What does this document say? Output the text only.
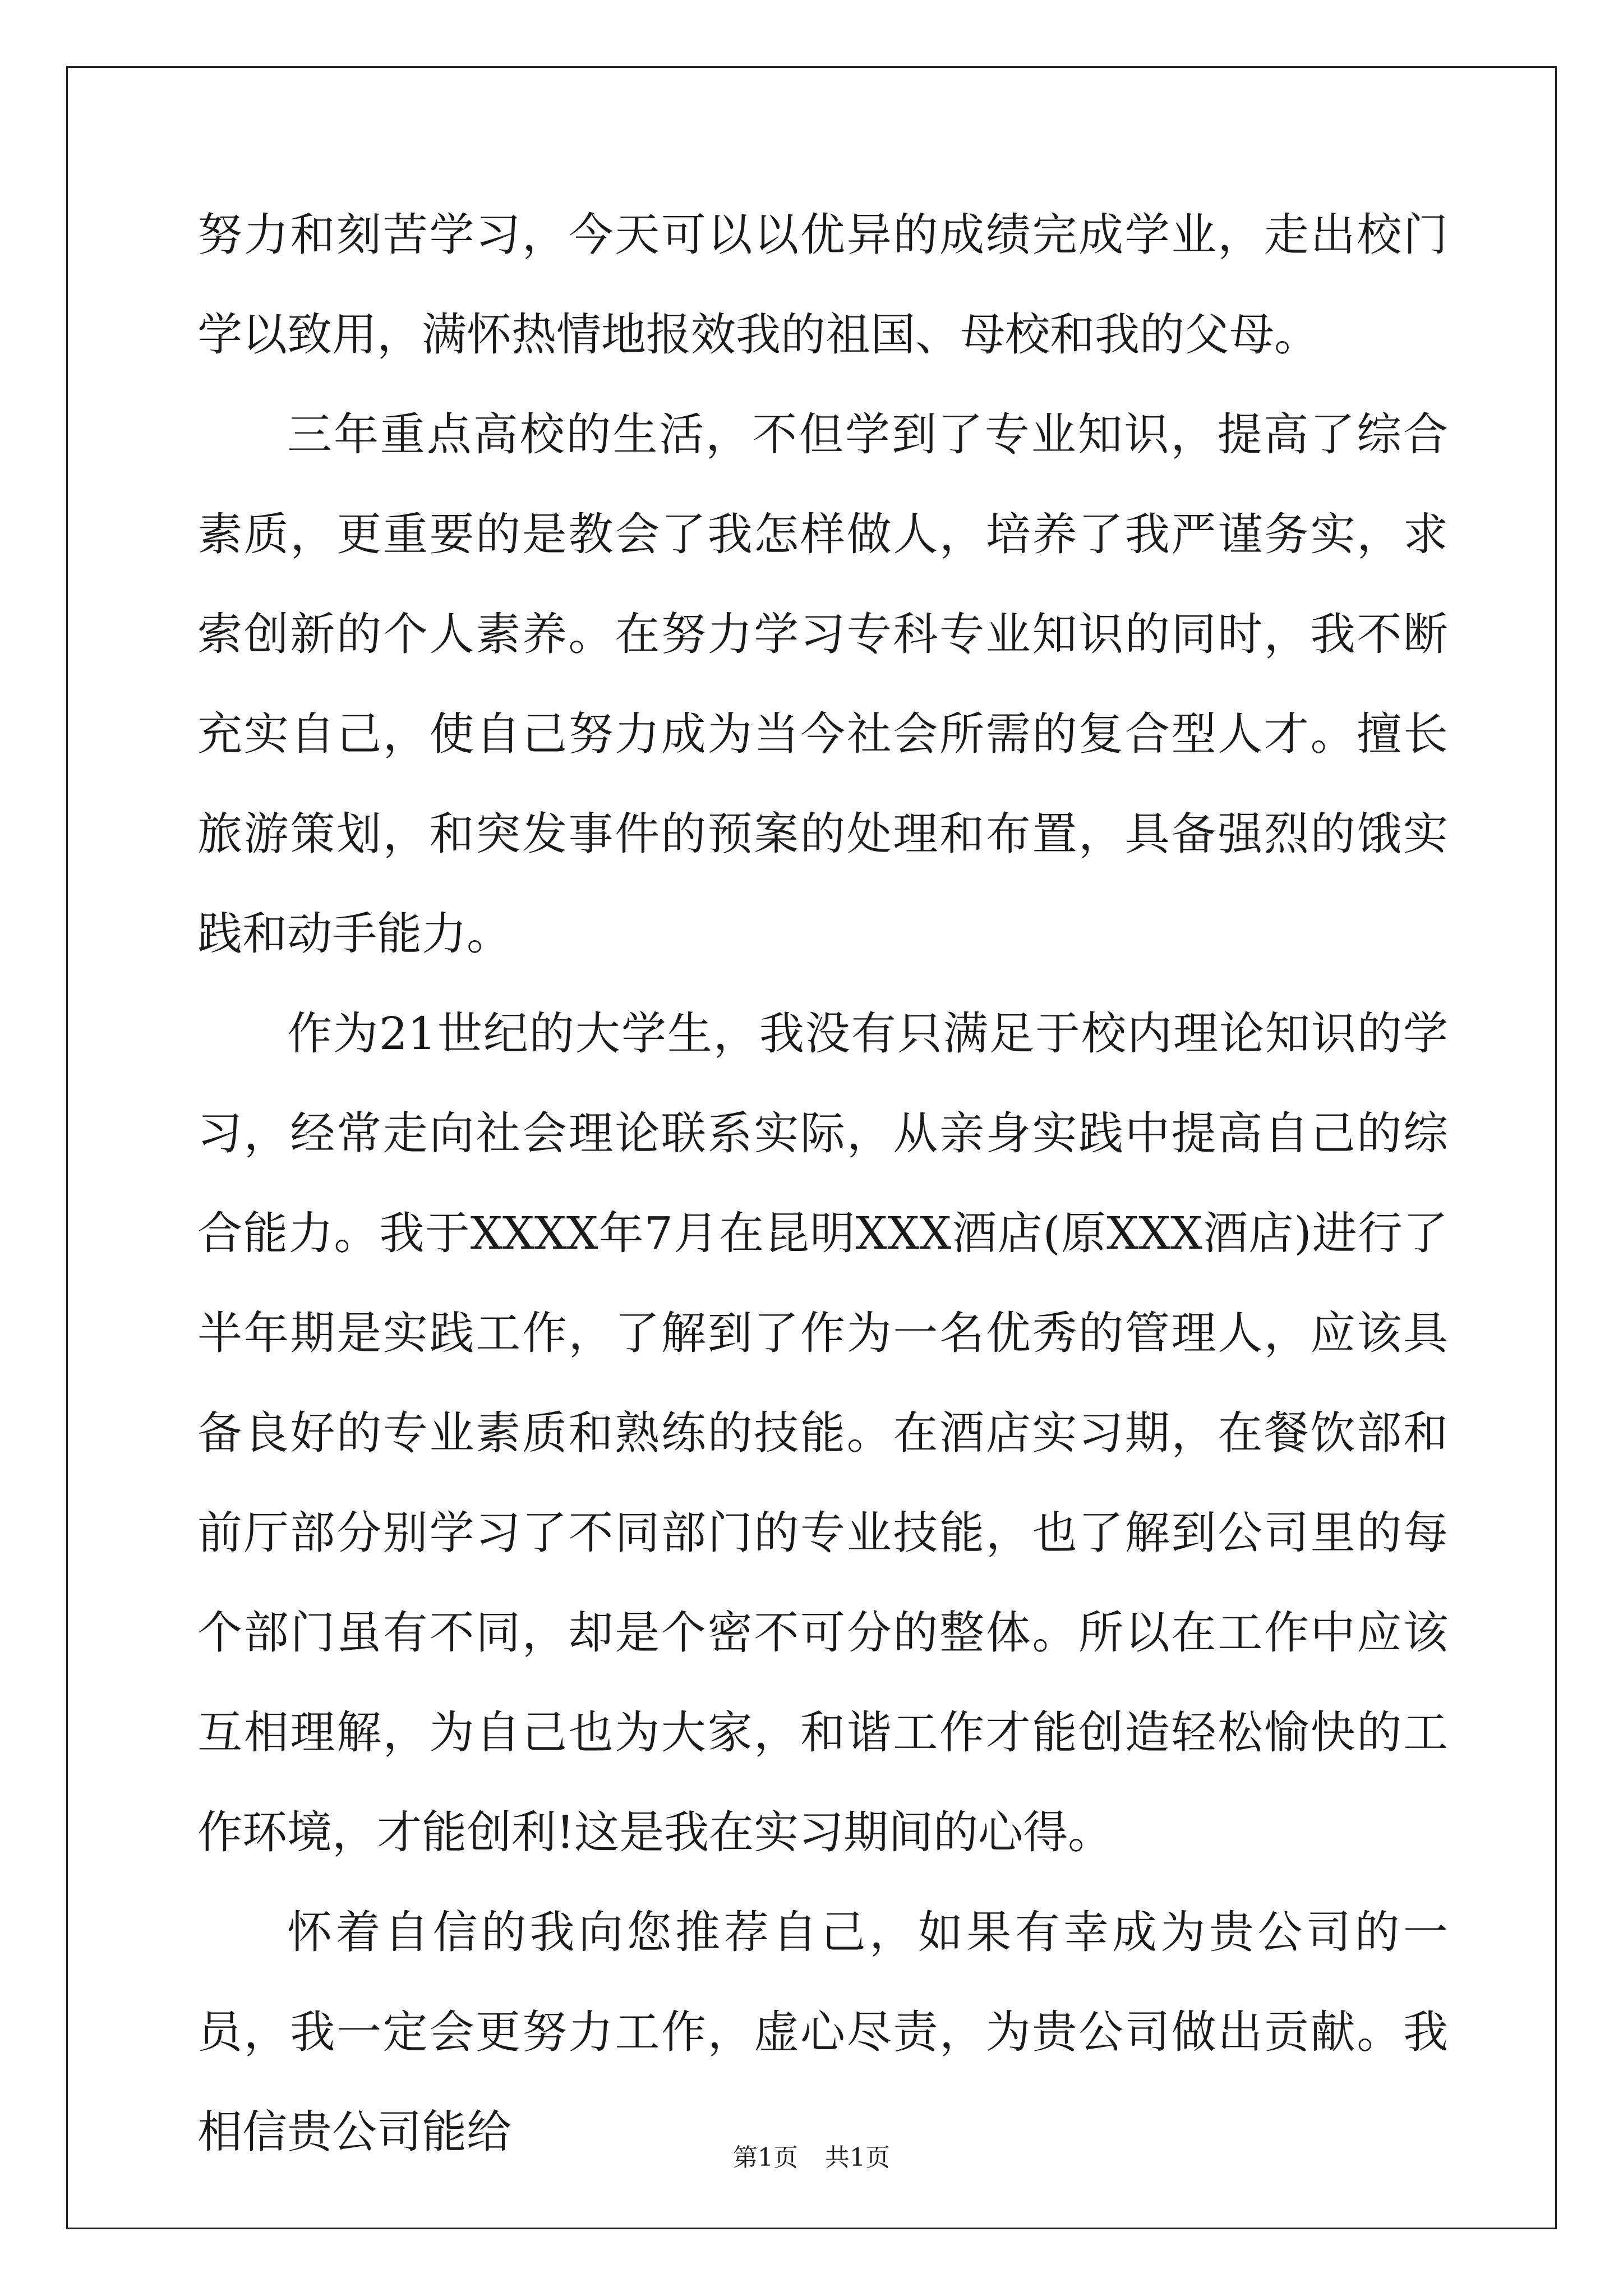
努力和刻苦学习，今天可以以优异的成绩完成学业，走出校门学以致用，满怀热情地报效我的祖国、母校和我的父母。

三年重点高校的生活，不但学到了专业知识，提高了综合素质，更重要的是教会了我怎样做人，培养了我严谨务实，求索创新的个人素养。在努力学习专科专业知识的同时，我不断充实自己，使自己努力成为当今社会所需的复合型人才。擅长旅游策划，和突发事件的预案的处理和布置，具备强烈的饿实践和动手能力。

作为21世纪的大学生，我没有只满足于校内理论知识的学习，经常走向社会理论联系实际，从亲身实践中提高自己的综合能力。我于XXXX年7月在昆明XXX酒店(原XXX酒店)进行了半年期是实践工作，了解到了作为一名优秀的管理人，应该具备良好的专业素质和熟练的技能。在酒店实习期，在餐饮部和前厅部分别学习了不同部门的专业技能，也了解到公司里的每个部门虽有不同，却是个密不可分的整体。所以在工作中应该互相理解，为自己也为大家，和谐工作才能创造轻松愉快的工作环境，才能创利!这是我在实习期间的心得。

怀着自信的我向您推荐自己，如果有幸成为贵公司的一员，我一定会更努力工作，虚心尽责，为贵公司做出贡献。我相信贵公司能给	第1页 共1页
